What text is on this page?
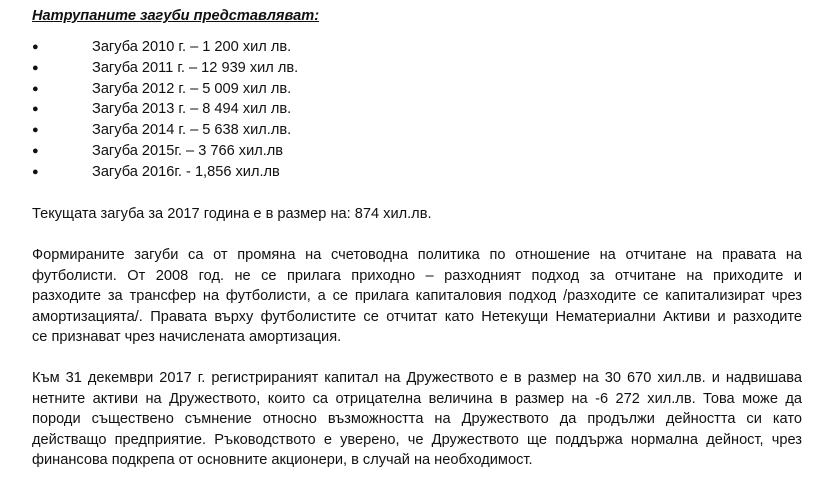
Натрупаните загуби представляват:
●	Загуба 2010 г. – 1 200 хил лв.
●	Загуба 2011 г. – 12 939 хил лв.
●	Загуба 2012 г. – 5 009 хил лв.
●	Загуба 2013 г. – 8 494 хил лв.
●	Загуба 2014 г. – 5 638 хил.лв.
●	Загуба 2015г. – 3 766 хил.лв
●	Загуба 2016г. - 1,856 хил.лв

Текущата загуба за 2017 година е в размер на: 874 хил.лв.

Формираните загуби са от промяна на счетоводна политика по отношение на отчитане на правата на
футболисти. От 2008 год. не се прилага приходно – разходният подход за отчитане на приходите и
разходите за трансфер на футболисти, а се прилага капиталовия подход /разходите се капитализират чрез
амортизацията/. Правата върху футболистите се отчитат като Нетекущи Нематериални Активи и разходите
се признават чрез начислената амортизация.

Към 31 декември 2017 г. регистрираният капитал на Дружеството е в размер на 30 670 хил.лв. и надвишава
нетните активи на Дружеството, които са отрицателна величина в размер на -6 272 хил.лв. Това може да
породи съществено съмнение относно възможността на Дружеството да продължи дейността си като
действащо предприятие. Ръководството е уверено, че Дружеството ще поддържа нормална дейност, чрез
финансова подкрепа от основните акционери, в случай на необходимост.
